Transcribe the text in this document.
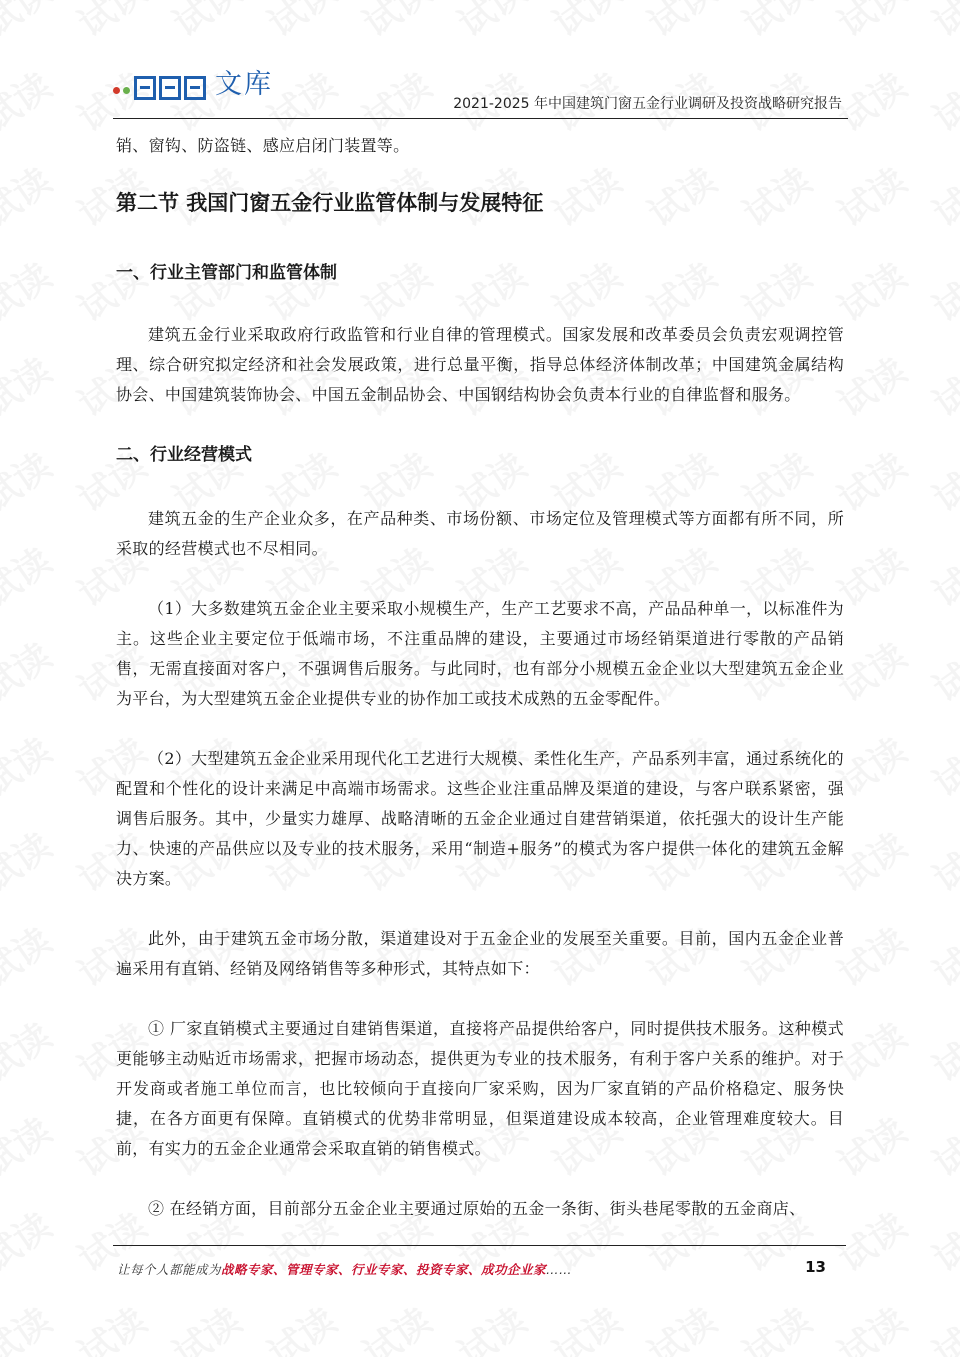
文库
2021-2025 年中国建筑门窗五金行业调研及投资战略研究报告

销、窗钩、防盗链、感应启闭门装置等。

第二节 我国门窗五金行业监管体制与发展特征
一、行业主管部门和监管体制

建筑五金行业采取政府行政监管和行业自律的管理模式。国家发展和改革委员会负责宏观调控管理、综合研究拟定经济和社会发展政策，进行总量平衡，指导总体经济体制改革；中国建筑金属结构协会、中国建筑装饰协会、中国五金制品协会、中国钢结构协会负责本行业的自律监督和服务。

二、行业经营模式

建筑五金的生产企业众多，在产品种类、市场份额、市场定位及管理模式等方面都有所不同，所采取的经营模式也不尽相同。

（1）大多数建筑五金企业主要采取小规模生产，生产工艺要求不高，产品品种单一，以标准件为主。这些企业主要定位于低端市场，不注重品牌的建设，主要通过市场经销渠道进行零散的产品销售，无需直接面对客户，不强调售后服务。与此同时，也有部分小规模五金企业以大型建筑五金企业为平台，为大型建筑五金企业提供专业的协作加工或技术成熟的五金零配件。

（2）大型建筑五金企业采用现代化工艺进行大规模、柔性化生产，产品系列丰富，通过系统化的配置和个性化的设计来满足中高端市场需求。这些企业注重品牌及渠道的建设，与客户联系紧密，强调售后服务。其中，少量实力雄厚、战略清晰的五金企业通过自建营销渠道，依托强大的设计生产能力、快速的产品供应以及专业的技术服务，采用“制造+服务”的模式为客户提供一体化的建筑五金解决方案。

此外，由于建筑五金市场分散，渠道建设对于五金企业的发展至关重要。目前，国内五金企业普遍采用有直销、经销及网络销售等多种形式，其特点如下：

① 厂家直销模式主要通过自建销售渠道，直接将产品提供给客户，同时提供技术服务。这种模式更能够主动贴近市场需求，把握市场动态，提供更为专业的技术服务，有利于客户关系的维护。对于开发商或者施工单位而言，也比较倾向于直接向厂家采购，因为厂家直销的产品价格稳定、服务快捷，在各方面更有保障。直销模式的优势非常明显，但渠道建设成本较高，企业管理难度较大。目前，有实力的五金企业通常会采取直销的销售模式。

② 在经销方面，目前部分五金企业主要通过原始的五金一条街、街头巷尾零散的五金商店、

让每个人都能成为战略专家、管理专家、行业专家、投资专家、成功企业家……	13
